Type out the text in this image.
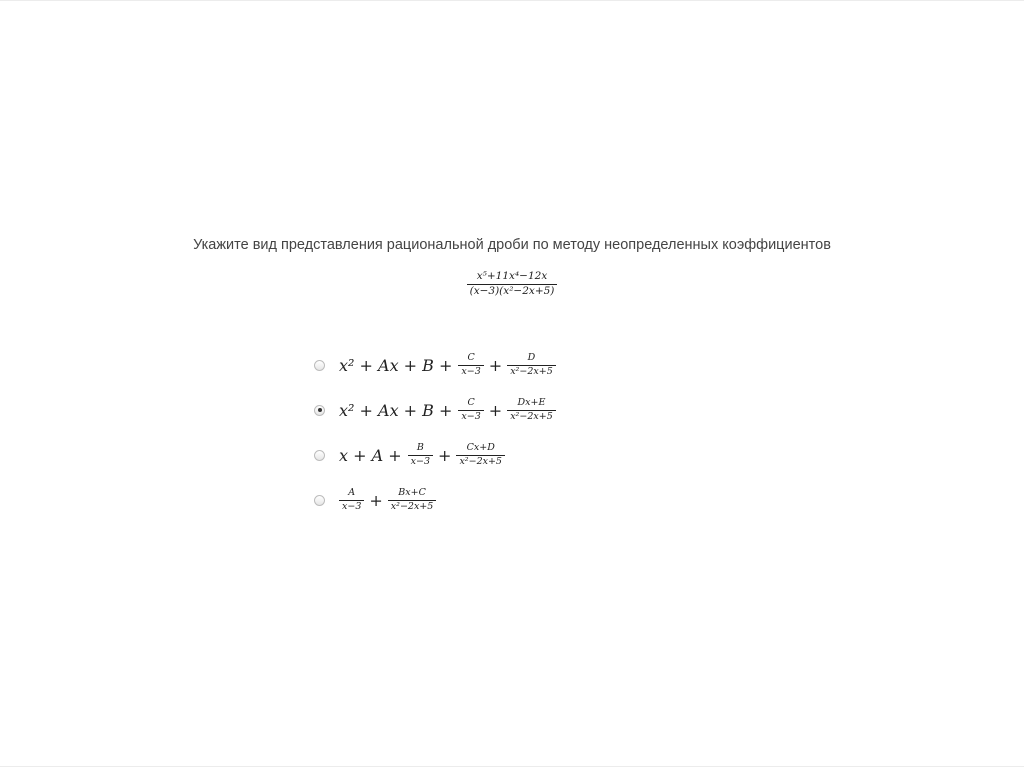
Укажите вид представления рациональной дроби по методу неопределенных коэффициентов
$\frac{\text{x⁵+11x⁴−12x}}{\text{(x−3)(x²−2x+5)}}$
$x^2 + Ax + B + \frac{C}{x-3} + \frac{D}{\text{x²−2x+5}}$
$x^2 + Ax + B + \frac{C}{x-3} + \frac{Dx+E}{\text{x²−2x+5}}$
$x + A + \frac{B}{x-3} + \frac{Cx+D}{\text{x²−2x+5}}$
$\frac{A}{x-3} + \frac{Bx+C}{\text{x²−2x+5}}$
